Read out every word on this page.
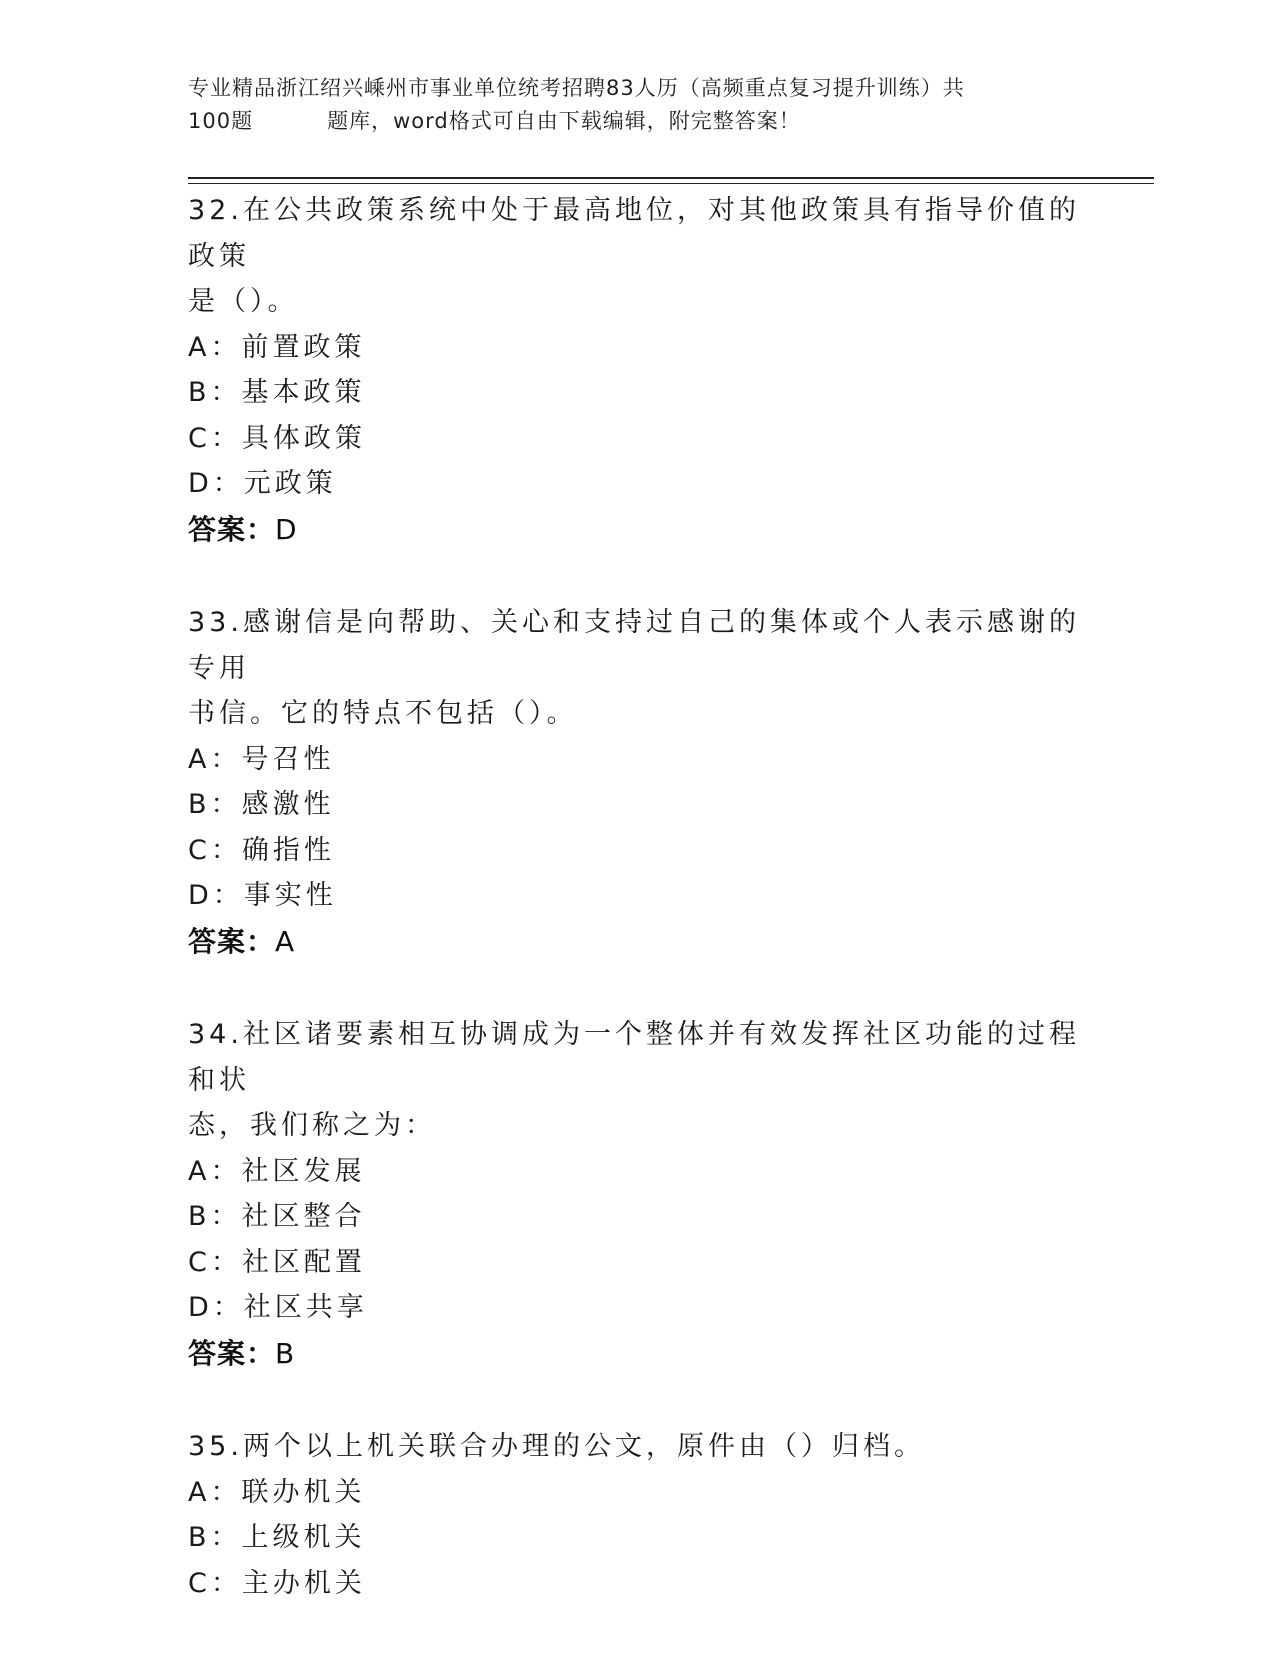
专业精品浙江绍兴嵊州市事业单位统考招聘83人历（高频重点复习提升训练）共
100题	题库，word格式可自由下载编辑，附完整答案！
32.在公共政策系统中处于最高地位，对其他政策具有指导价值的政策
是（）。
A：前置政策
B：基本政策
C：具体政策
D：元政策
答案：D
33.感谢信是向帮助、关心和支持过自己的集体或个人表示感谢的专用
书信。它的特点不包括（）。
A：号召性
B：感激性
C：确指性
D：事实性
答案：A
34.社区诸要素相互协调成为一个整体并有效发挥社区功能的过程和状
态，我们称之为：
A：社区发展
B：社区整合
C：社区配置
D：社区共享
答案：B
35.两个以上机关联合办理的公文，原件由（）归档。
A：联办机关
B：上级机关
C：主办机关
